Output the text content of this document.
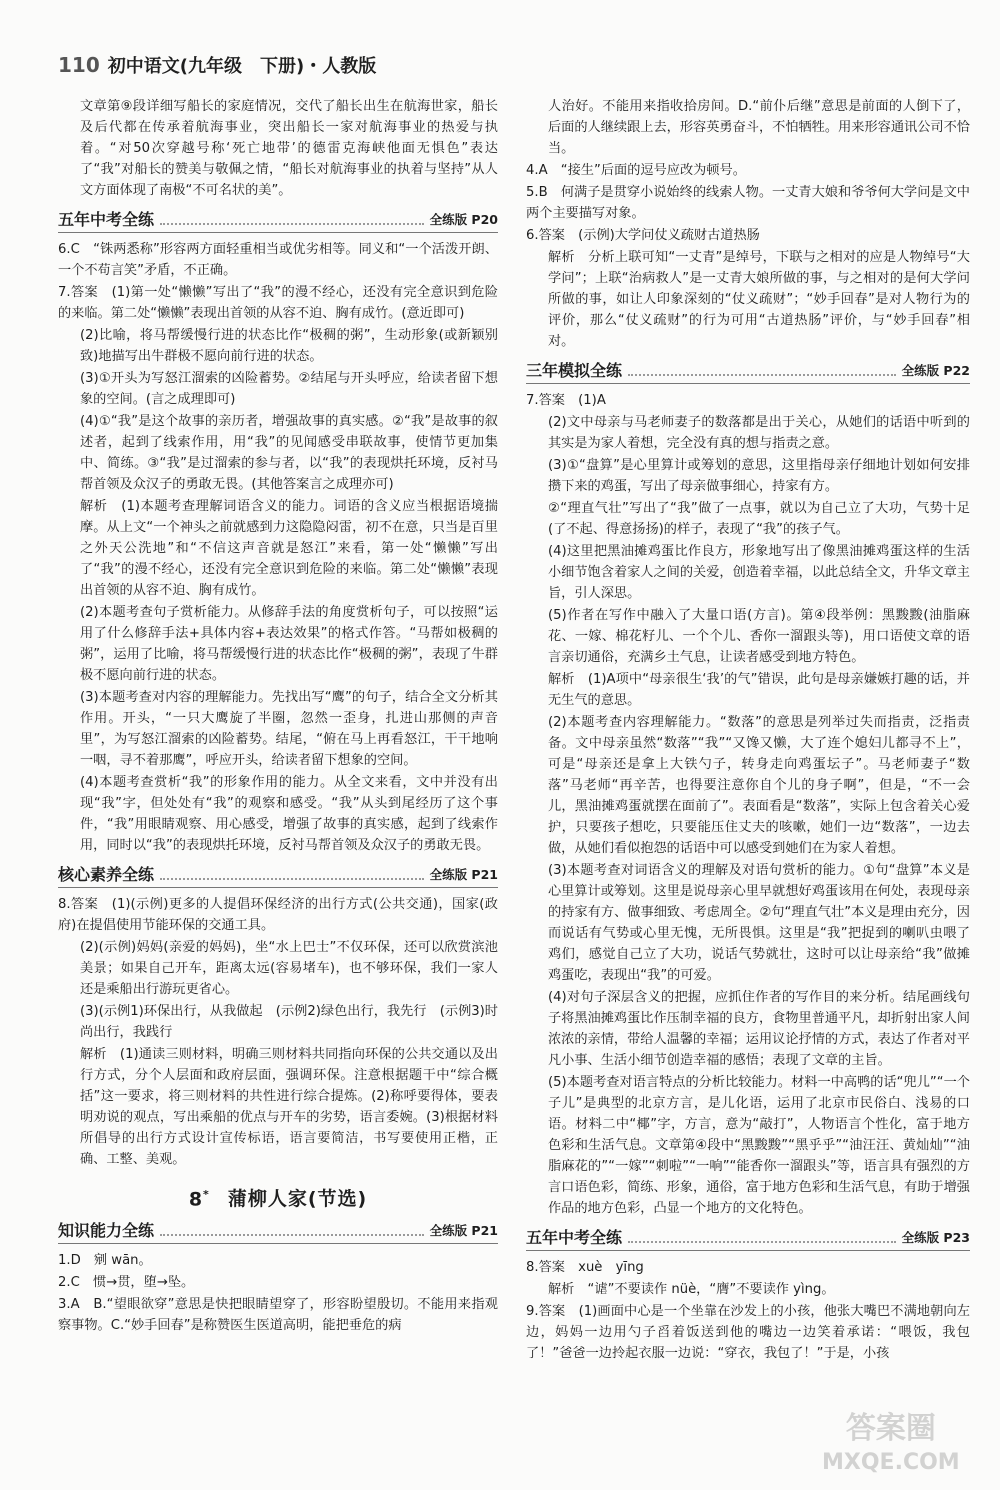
110 初中语文(九年级　下册)・人教版

文章第⑨段详细写船长的家庭情况，交代了船长出生在航海世家，船长及后代都在传承着航海事业，突出船长一家对航海事业的热爱与执着。“对50次穿越号称‘死亡地带’的德雷克海峡他面无惧色”表达了“我”对船长的赞美与敬佩之情，“船长对航海事业的执着与坚持”从人文方面体现了南极“不可名状的美”。

五年中考全练	全练版 P20

6.C　“铢两悉称”形容两方面轻重相当或优劣相等。同义和“一个活泼开朗、一个不苟言笑”矛盾，不正确。

7.答案　(1)第一处“懒懒”写出了“我”的漫不经心，还没有完全意识到危险的来临。第二处“懒懒”表现出首领的从容不迫、胸有成竹。(意近即可)

(2)比喻，将马帮缓慢行进的状态比作“极稠的粥”，生动形象(或新颖别致)地描写出牛群极不愿向前行进的状态。

(3)①开头为写怒江溜索的凶险蓄势。②结尾与开头呼应，给读者留下想象的空间。(言之成理即可)

(4)①“我”是这个故事的亲历者，增强故事的真实感。②“我”是故事的叙述者，起到了线索作用，用“我”的见闻感受串联故事，使情节更加集中、简练。③“我”是过溜索的参与者，以“我”的表现烘托环境，反衬马帮首领及众汉子的勇敢无畏。(其他答案言之成理亦可)

解析　(1)本题考查理解词语含义的能力。词语的含义应当根据语境揣摩。从上文“一个神头之前就感到力这隐隐闷雷，初不在意，只当是百里之外天公洗地”和“不信这声音就是怒江”来看，第一处“懒懒”写出了“我”的漫不经心，还没有完全意识到危险的来临。第二处“懒懒”表现出首领的从容不迫、胸有成竹。

(2)本题考查句子赏析能力。从修辞手法的角度赏析句子，可以按照“运用了什么修辞手法+具体内容+表达效果”的格式作答。“马帮如极稠的粥”，运用了比喻，将马帮缓慢行进的状态比作“极稠的粥”，表现了牛群极不愿向前行进的状态。

(3)本题考查对内容的理解能力。先找出写“鹰”的句子，结合全文分析其作用。开头，“一只大鹰旋了半圈，忽然一歪身，扎进山那侧的声音里”，为写怒江溜索的凶险蓄势。结尾，“俯在马上再看怒江，干干地响一咽，寻不着那鹰”，呼应开头，给读者留下想象的空间。

(4)本题考查赏析“我”的形象作用的能力。从全文来看，文中并没有出现“我”字，但处处有“我”的观察和感受。“我”从头到尾经历了这个事件，“我”用眼睛观察、用心感受，增强了故事的真实感，起到了线索作用，同时以“我”的表现烘托环境，反衬马帮首领及众汉子的勇敢无畏。

核心素养全练	全练版 P21

8.答案　(1)(示例)更多的人提倡环保经济的出行方式(公共交通)，国家(政府)在提倡使用节能环保的交通工具。

(2)(示例)妈妈(亲爱的妈妈)，坐“水上巴士”不仅环保，还可以欣赏滨池美景；如果自己开车，距离太远(容易堵车)，也不够环保，我们一家人还是乘船出行游玩更省心。

(3)(示例1)环保出行，从我做起　(示例2)绿色出行，我先行　(示例3)时尚出行，我践行

解析　(1)通读三则材料，明确三则材料共同指向环保的公共交通以及出行方式，分个人层面和政府层面，强调环保。注意根据题干中“综合概括”这一要求，将三则材料的共性进行综合提炼。(2)称呼要得体，要表明劝说的观点，写出乘船的优点与开车的劣势，语言委婉。(3)根据材料所倡导的出行方式设计宣传标语，语言要简洁，书写要使用正楷，正确、工整、美观。

8* 蒲柳人家(节选)
知识能力全练	全练版 P21

1.D　剜 wān。

2.C　惯→贯，堕→坠。

3.A　B.“望眼欲穿”意思是快把眼睛望穿了，形容盼望殷切。不能用来指观察事物。C.“妙手回春”是称赞医生医道高明，能把垂危的病

人治好。不能用来指收拾房间。D.“前仆后继”意思是前面的人倒下了，后面的人继续跟上去，形容英勇奋斗，不怕牺牲。用来形容通讯公司不恰当。

4.A　“接生”后面的逗号应改为顿号。

5.B　何满子是贯穿小说始终的线索人物。一丈青大娘和爷爷何大学问是文中两个主要描写对象。

6.答案　(示例)大学问仗义疏财古道热肠

解析　分析上联可知“一丈青”是绰号，下联与之相对的应是人物绰号“大学问”；上联“治病救人”是一丈青大娘所做的事，与之相对的是何大学问所做的事，如让人印象深刻的“仗义疏财”；“妙手回春”是对人物行为的评价，那么“仗义疏财”的行为可用“古道热肠”评价，与“妙手回春”相对。

三年模拟全练	全练版 P22

7.答案　(1)A

(2)文中母亲与马老师妻子的数落都是出于关心，从她们的话语中听到的其实是为家人着想，完全没有真的想与指责之意。

(3)①“盘算”是心里算计或筹划的意思，这里指母亲仔细地计划如何安排攒下来的鸡蛋，写出了母亲做事细心，持家有方。

②“理直气壮”写出了“我”做了一点事，就以为自己立了大功，气势十足(了不起、得意扬扬)的样子，表现了“我”的孩子气。

(4)这里把黑油摊鸡蛋比作良方，形象地写出了像黑油摊鸡蛋这样的生活小细节饱含着家人之间的关爱，创造着幸福，以此总结全文，升华文章主旨，引人深思。

(5)作者在写作中融入了大量口语(方言)。第④段举例：黑黢黢(油脂麻花、一嫁、棉花籽儿、一个个儿、香你一溜跟头等)，用口语使文章的语言亲切通俗，充满乡土气息，让读者感受到地方特色。

解析　(1)A项中“母亲很生‘我’的气”错误，此句是母亲嫌嫉打趣的话，并无生气的意思。

(2)本题考查内容理解能力。“数落”的意思是列举过失而指责，泛指责备。文中母亲虽然“数落”“我”“又馋又懒，大了连个媳妇儿都寻不上”，可是“母亲还是拿上大铁勺子，转身走向鸡蛋坛子”。马老师妻子“数落”马老师“再辛苦，也得要注意你自个儿的身子啊”，但是，“不一会儿，黑油摊鸡蛋就摆在面前了”。表面看是“数落”，实际上包含着关心爱护，只要孩子想吃，只要能压住丈夫的咳嗽，她们一边“数落”，一边去做，从她们看似抱怨的话语中可以感受到她们在为家人着想。

(3)本题考查对词语含义的理解及对语句赏析的能力。①句“盘算”本义是心里算计或筹划。这里是说母亲心里早就想好鸡蛋该用在何处，表现母亲的持家有方、做事细致、考虑周全。②句“理直气壮”本义是理由充分，因而说话有气势或心里无愧，无所畏惧。这里是“我”把捉到的喇叭虫喂了鸡们，感觉自己立了大功，说话气势就壮，这时可以让母亲给“我”做摊鸡蛋吃，表现出“我”的可爱。

(4)对句子深层含义的把握，应抓住作者的写作目的来分析。结尾画线句子将黑油摊鸡蛋比作压制幸福的良方，食物里普通平凡，却折射出家人间浓浓的亲情，带给人温馨的幸福；运用议论抒情的方式，表达了作者对平凡小事、生活小细节创造幸福的感悟；表现了文章的主旨。

(5)本题考查对语言特点的分析比较能力。材料一中高鸭的话“兜儿”“一个子儿”是典型的北京方言，是儿化语，运用了北京市民俗白、浅易的口语。材料二中“椰”字，方言，意为“敲打”，人物语言个性化，富于地方色彩和生活气息。文章第④段中“黑黢黢”“黑乎乎”“油汪汪、黄灿灿”“油脂麻花的”“一嫁”“刺啦”“一响”“能香你一溜跟头”等，语言具有强烈的方言口语色彩，简练、形象，通俗，富于地方色彩和生活气息，有助于增强作品的地方色彩，凸显一个地方的文化特色。

五年中考全练	全练版 P23

8.答案　xuè　yīng

解析　“谑”不要读作 nüè，“膺”不要读作 yìng。

9.答案　(1)画面中心是一个坐靠在沙发上的小孩，他张大嘴巴不满地朝向左边，妈妈一边用勺子舀着饭送到他的嘴边一边笑着承诺：“喂饭，我包了！”爸爸一边拎起衣服一边说：“穿衣，我包了！”于是，小孩

答案圈
MXQE.COM
